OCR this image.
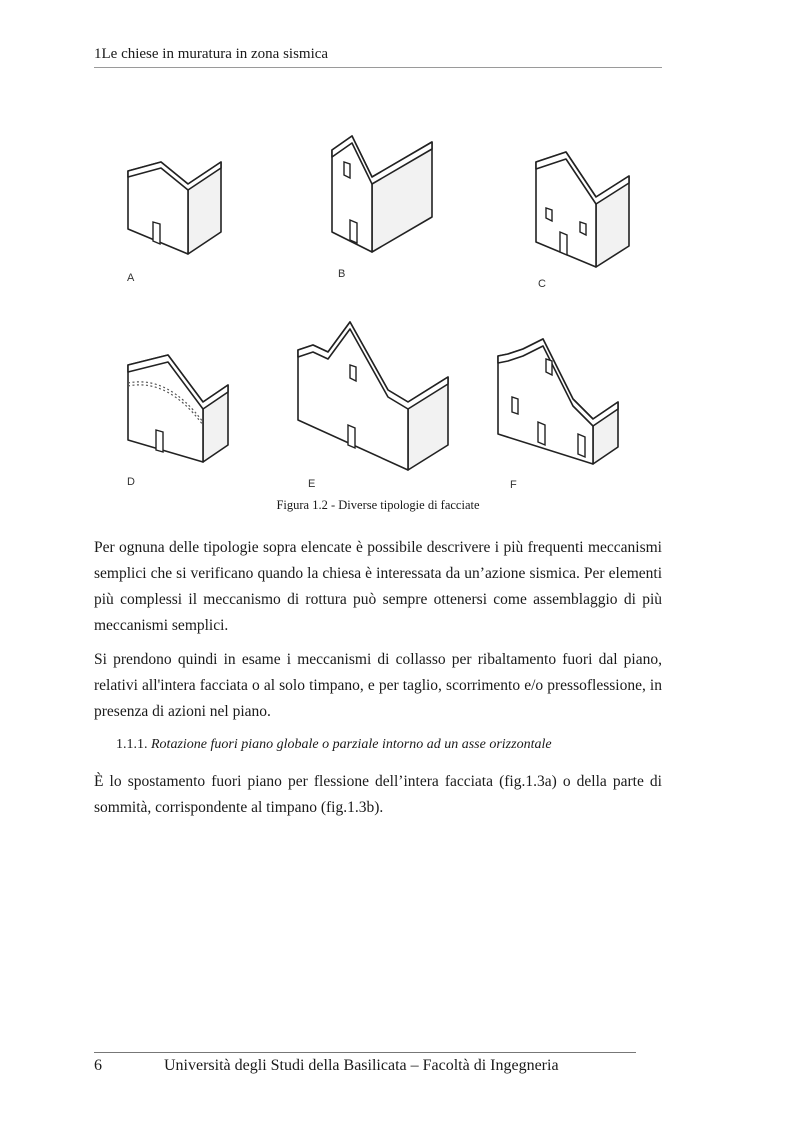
1Le chiese in muratura in zona sismica
A	B
C
D	E	F
Figura 1.2 - Diverse tipologie di facciate

Per ognuna delle tipologie sopra elencate è possibile descrivere i più frequenti meccanismi semplici che si verificano quando la chiesa è interessata da un’azione sismica. Per elementi più complessi il meccanismo di rottura può sempre ottenersi come assemblaggio di più meccanismi semplici.

Si prendono quindi in esame i meccanismi di collasso per ribaltamento fuori dal piano, relativi all'intera facciata o al solo timpano, e per taglio, scorrimento e/o pressoflessione, in presenza di azioni nel piano.

1.1.1. Rotazione fuori piano globale o parziale intorno ad un asse orizzontale

È lo spostamento fuori piano per flessione dell’intera facciata (fig.1.3a) o della parte di sommità, corrispondente al timpano (fig.1.3b).

6	Università degli Studi della Basilicata – Facoltà di Ingegneria
